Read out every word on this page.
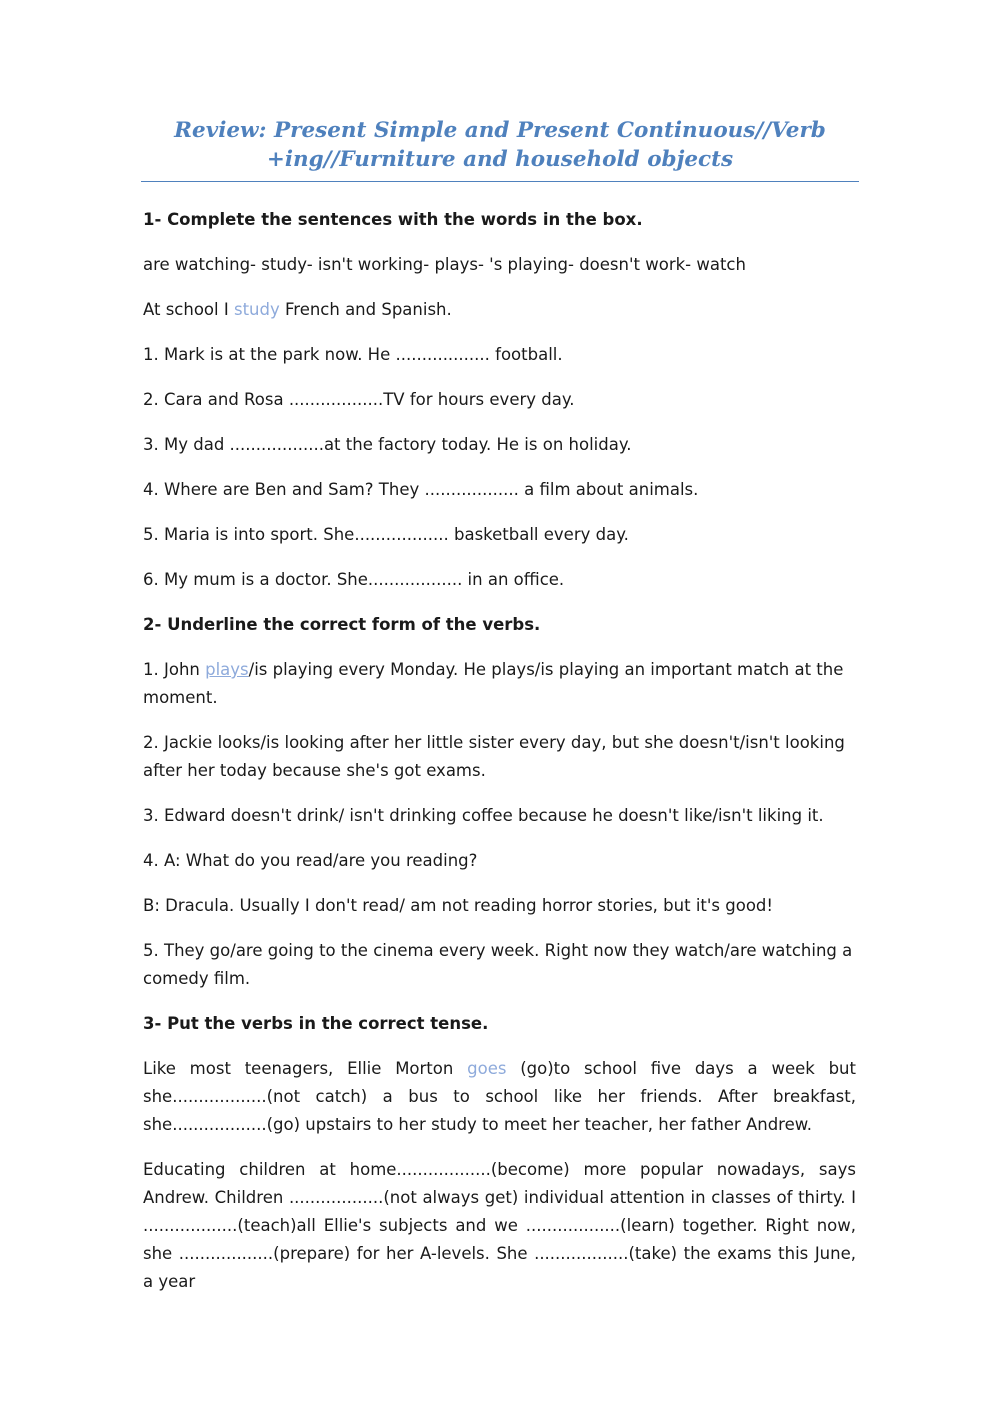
Review: Present Simple and Present Continuous//Verb
+ing//Furniture and household objects

1- Complete the sentences with the words in the box.

are watching- study- isn't working- plays- 's playing- doesn't work- watch

At school I study French and Spanish.

1. Mark is at the park now. He .................. football.

2. Cara and Rosa ..................TV for hours every day.

3. My dad ..................at the factory today. He is on holiday.

4. Where are Ben and Sam? They .................. a film about animals.

5. Maria is into sport. She.................. basketball every day.

6. My mum is a doctor. She.................. in an office.

2- Underline the correct form of the verbs.

1. John plays/is playing every Monday. He plays/is playing an important match at the moment.

2. Jackie looks/is looking after her little sister every day, but she doesn't/isn't looking after her today because she's got exams.

3. Edward doesn't drink/ isn't drinking coffee because he doesn't like/isn't liking it.

4. A: What do you read/are you reading?

B: Dracula. Usually I don't read/ am not reading horror stories, but it's good!

5. They go/are going to the cinema every week. Right now they watch/are watching a comedy film.

3- Put the verbs in the correct tense.

Like most teenagers, Ellie Morton goes (go)to school five days a week but she..................(not catch) a bus to school like her friends. After breakfast, she..................(go) upstairs to her study to meet her teacher, her father Andrew.

Educating children at home..................(become) more popular nowadays, says Andrew. Children ..................(not always get) individual attention in classes of thirty. I ..................(teach)all Ellie's subjects and we ..................(learn) together. Right now, she ..................(prepare) for her A-levels. She ..................(take) the exams this June, a year
